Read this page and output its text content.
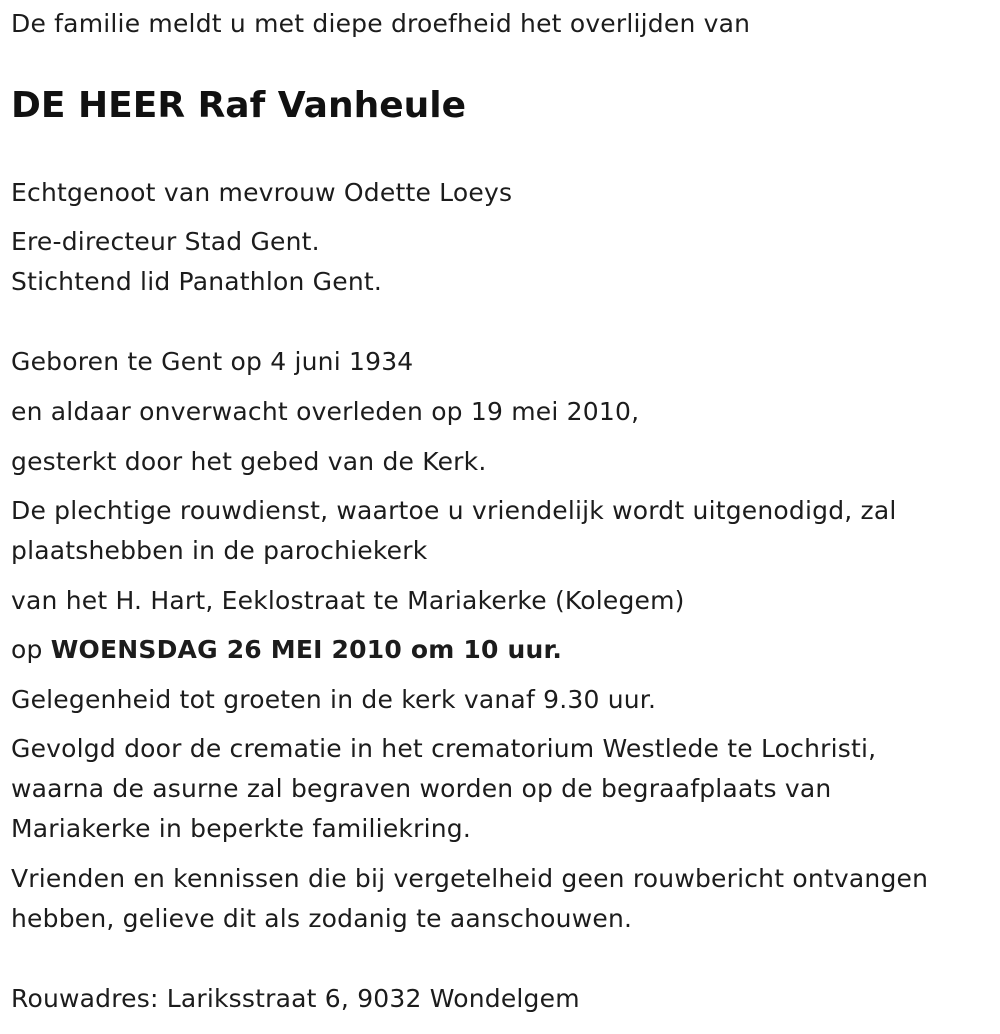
De familie meldt u met diepe droefheid het overlijden van
DE HEER Raf Vanheule
Echtgenoot van mevrouw Odette Loeys
Ere-directeur Stad Gent.
Stichtend lid Panathlon Gent.
Geboren te Gent op 4 juni 1934
en aldaar onverwacht overleden op 19 mei 2010,
gesterkt door het gebed van de Kerk.
De plechtige rouwdienst, waartoe u vriendelijk wordt uitgenodigd, zal
plaatshebben in de parochiekerk
van het H. Hart, Eeklostraat te Mariakerke (Kolegem)
op WOENSDAG 26 MEI 2010 om 10 uur.
Gelegenheid tot groeten in de kerk vanaf 9.30 uur.
Gevolgd door de crematie in het crematorium Westlede te Lochristi,
waarna de asurne zal begraven worden op de begraafplaats van
Mariakerke in beperkte familiekring.
Vrienden en kennissen die bij vergetelheid geen rouwbericht ontvangen
hebben, gelieve dit als zodanig te aanschouwen.
Rouwadres: Lariksstraat 6, 9032 Wondelgem
